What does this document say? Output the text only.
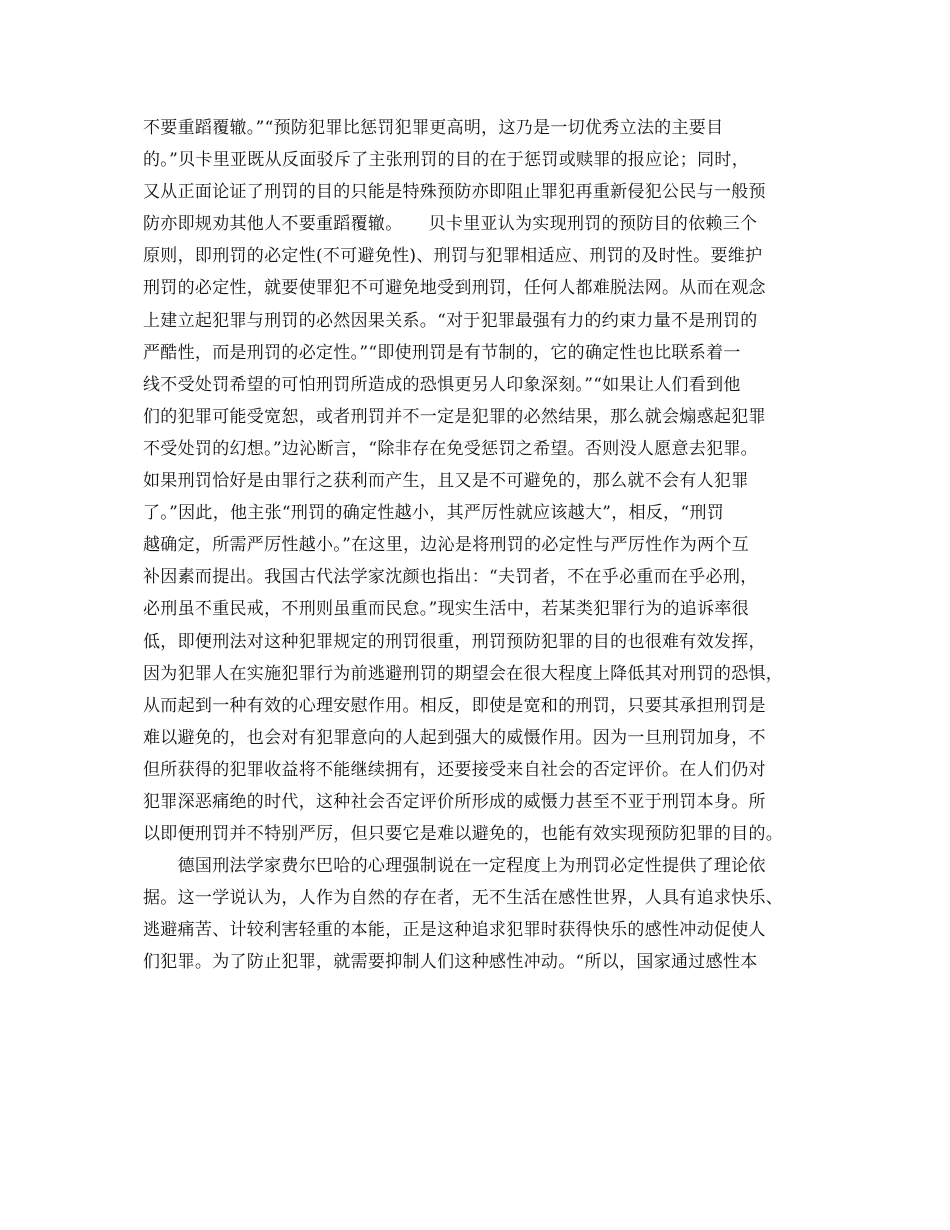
不要重蹈覆辙。”“预防犯罪比惩罚犯罪更高明，这乃是一切优秀立法的主要目
的。”贝卡里亚既从反面驳斥了主张刑罚的目的在于惩罚或赎罪的报应论；同时，
又从正面论证了刑罚的目的只能是特殊预防亦即阻止罪犯再重新侵犯公民与一般预
防亦即规劝其他人不要重蹈覆辙。　　贝卡里亚认为实现刑罚的预防目的依赖三个
原则，即刑罚的必定性(不可避免性)、刑罚与犯罪相适应、刑罚的及时性。要维护
刑罚的必定性，就要使罪犯不可避免地受到刑罚，任何人都难脱法网。从而在观念
上建立起犯罪与刑罚的必然因果关系。“对于犯罪最强有力的约束力量不是刑罚的
严酷性，而是刑罚的必定性。”“即使刑罚是有节制的，它的确定性也比联系着一
线不受处罚希望的可怕刑罚所造成的恐惧更另人印象深刻。”“如果让人们看到他
们的犯罪可能受宽恕，或者刑罚并不一定是犯罪的必然结果，那么就会煽惑起犯罪
不受处罚的幻想。”边沁断言，“除非存在免受惩罚之希望。否则没人愿意去犯罪。
如果刑罚恰好是由罪行之获利而产生，且又是不可避免的，那么就不会有人犯罪
了。”因此，他主张“刑罚的确定性越小，其严厉性就应该越大”，相反，“刑罚
越确定，所需严厉性越小。”在这里，边沁是将刑罚的必定性与严厉性作为两个互
补因素而提出。我国古代法学家沈颜也指出：“夫罚者，不在乎必重而在乎必刑，
必刑虽不重民戒，不刑则虽重而民怠。”现实生活中，若某类犯罪行为的追诉率很
低，即便刑法对这种犯罪规定的刑罚很重，刑罚预防犯罪的目的也很难有效发挥，
因为犯罪人在实施犯罪行为前逃避刑罚的期望会在很大程度上降低其对刑罚的恐惧，
从而起到一种有效的心理安慰作用。相反，即使是宽和的刑罚，只要其承担刑罚是
难以避免的，也会对有犯罪意向的人起到强大的威慑作用。因为一旦刑罚加身，不
但所获得的犯罪收益将不能继续拥有，还要接受来自社会的否定评价。在人们仍对
犯罪深恶痛绝的时代，这种社会否定评价所形成的威慑力甚至不亚于刑罚本身。所
以即便刑罚并不特别严厉，但只要它是难以避免的，也能有效实现预防犯罪的目的。
　　德国刑法学家费尔巴哈的心理强制说在一定程度上为刑罚必定性提供了理论依
据。这一学说认为，人作为自然的存在者，无不生活在感性世界，人具有追求快乐、
逃避痛苦、计较利害轻重的本能，正是这种追求犯罪时获得快乐的感性冲动促使人
们犯罪。为了防止犯罪，就需要抑制人们这种感性冲动。“所以，国家通过感性本
